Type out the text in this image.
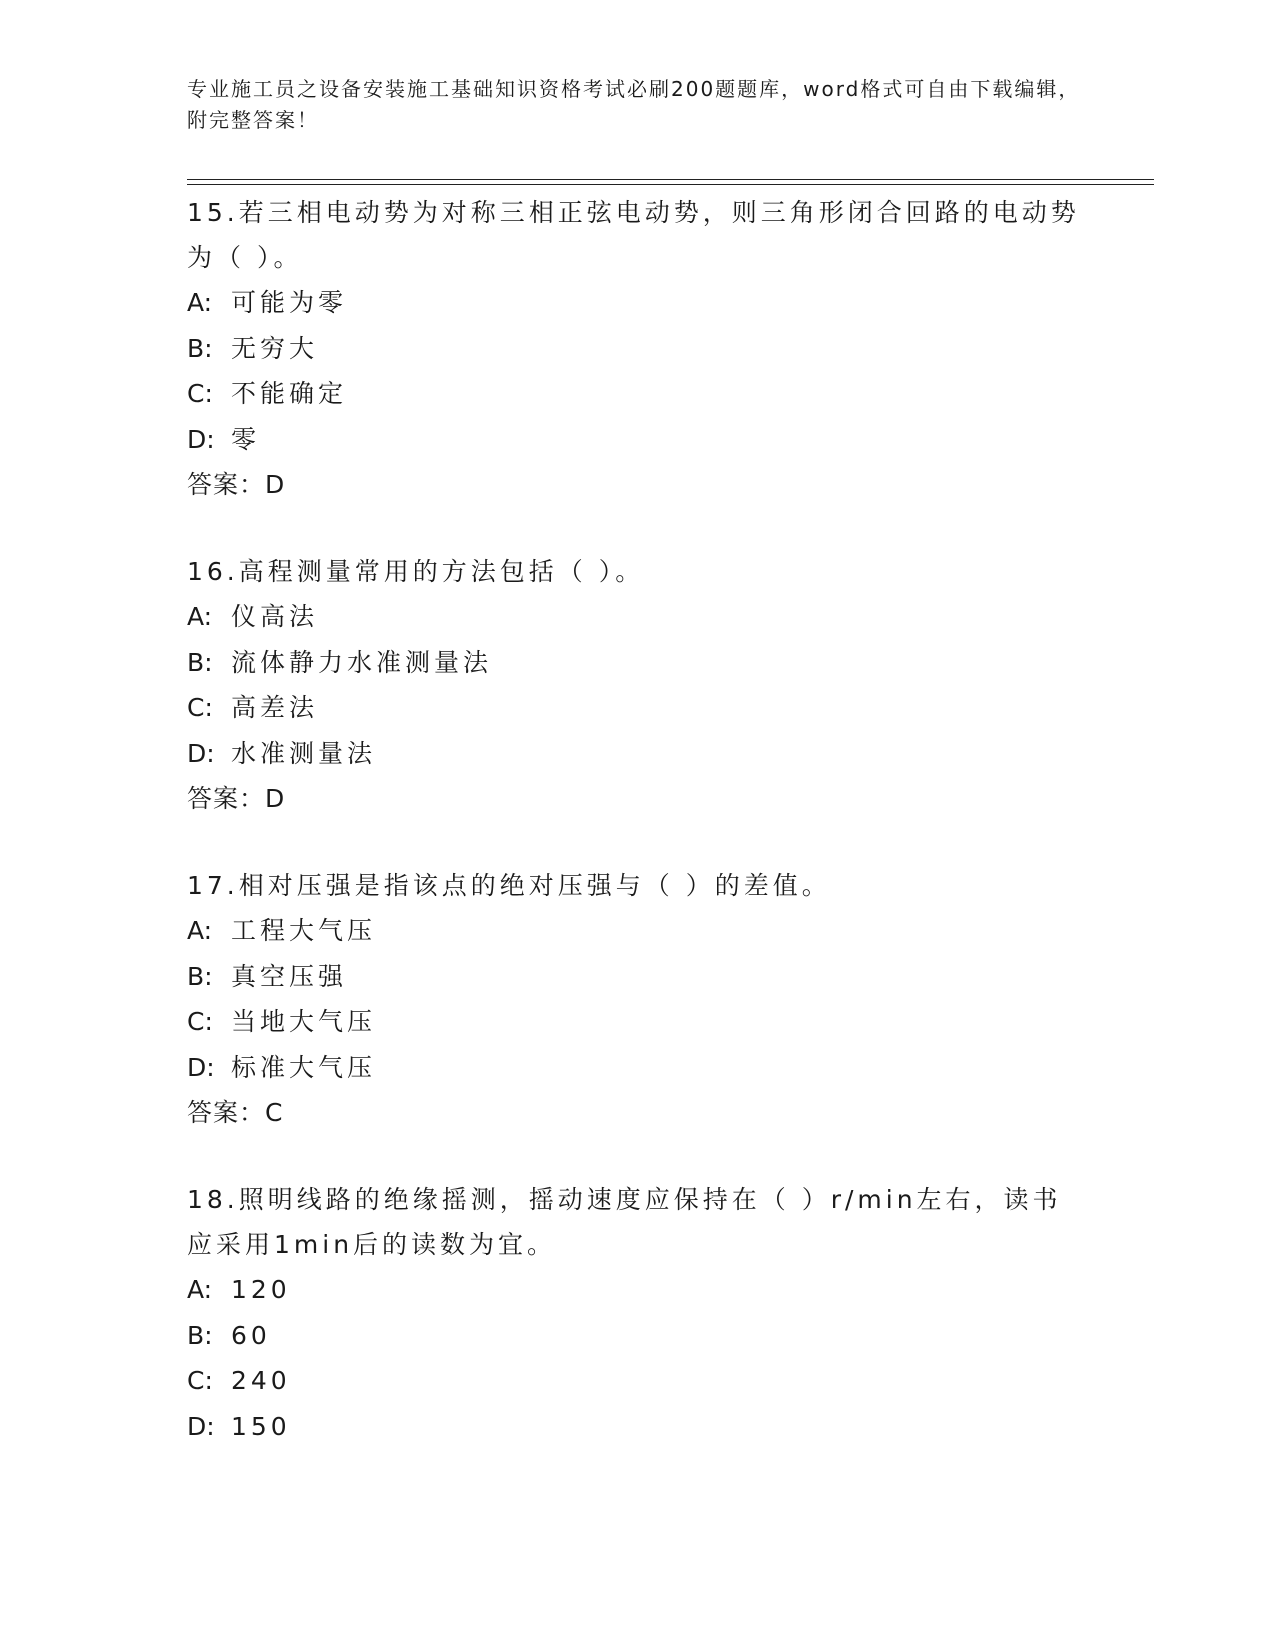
专业施工员之设备安装施工基础知识资格考试必刷200题题库，word格式可自由下载编辑，附完整答案！

15.若三相电动势为对称三相正弦电动势，则三角形闭合回路的电动势为（ ）。

A: 可能为零

B: 无穷大

C: 不能确定

D: 零

答案：D

16.高程测量常用的方法包括（ ）。

A: 仪高法

B: 流体静力水准测量法

C: 高差法

D: 水准测量法

答案：D

17.相对压强是指该点的绝对压强与（ ）的差值。

A: 工程大气压

B: 真空压强

C: 当地大气压

D: 标准大气压

答案：C

18.照明线路的绝缘摇测，摇动速度应保持在（ ）r/min左右，读书应采用1min后的读数为宜。

A: 120

B: 60

C: 240

D: 150
